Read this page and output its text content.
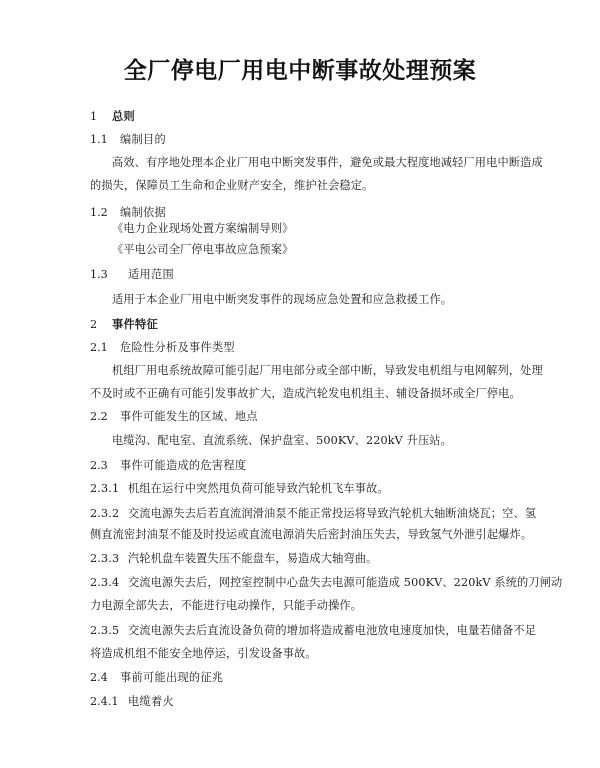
全厂停电厂用电中断事故处理预案
1 总则
1.1 编制目的
高效、有序地处理本企业厂用电中断突发事件，避免或最大程度地减轻厂用电中断造成
的损失，保障员工生命和企业财产安全，维护社会稳定。
1.2 编制依据
《电力企业现场处置方案编制导则》
《平电公司全厂停电事故应急预案》
1.3 适用范围
适用于本企业厂用电中断突发事件的现场应急处置和应急救援工作。
2 事件特征
2.1 危险性分析及事件类型
机组厂用电系统故障可能引起厂用电部分或全部中断，导致发电机组与电网解列，处理
不及时或不正确有可能引发事故扩大，造成汽轮发电机组主、辅设备损坏或全厂停电。
2.2 事件可能发生的区域、地点
电缆沟、配电室、直流系统、保护盘室、500KV、220kV 升压站。
2.3 事件可能造成的危害程度
2.3.1 机组在运行中突然甩负荷可能导致汽轮机飞车事故。
2.3.2 交流电源失去后若直流润滑油泵不能正常投运将导致汽轮机大轴断油烧瓦；空、氢
侧直流密封油泵不能及时投运或直流电源消失后密封油压失去，导致氢气外泄引起爆炸。
2.3.3 汽轮机盘车装置失压不能盘车，易造成大轴弯曲。
2.3.4 交流电源失去后，网控室控制中心盘失去电源可能造成 500KV、220kV 系统的刀闸动
力电源全部失去，不能进行电动操作，只能手动操作。
2.3.5 交流电源失去后直流设备负荷的增加将造成蓄电池放电速度加快，电量若储备不足
将造成机组不能安全地停运，引发设备事故。
2.4 事前可能出现的征兆
2.4.1 电缆着火
